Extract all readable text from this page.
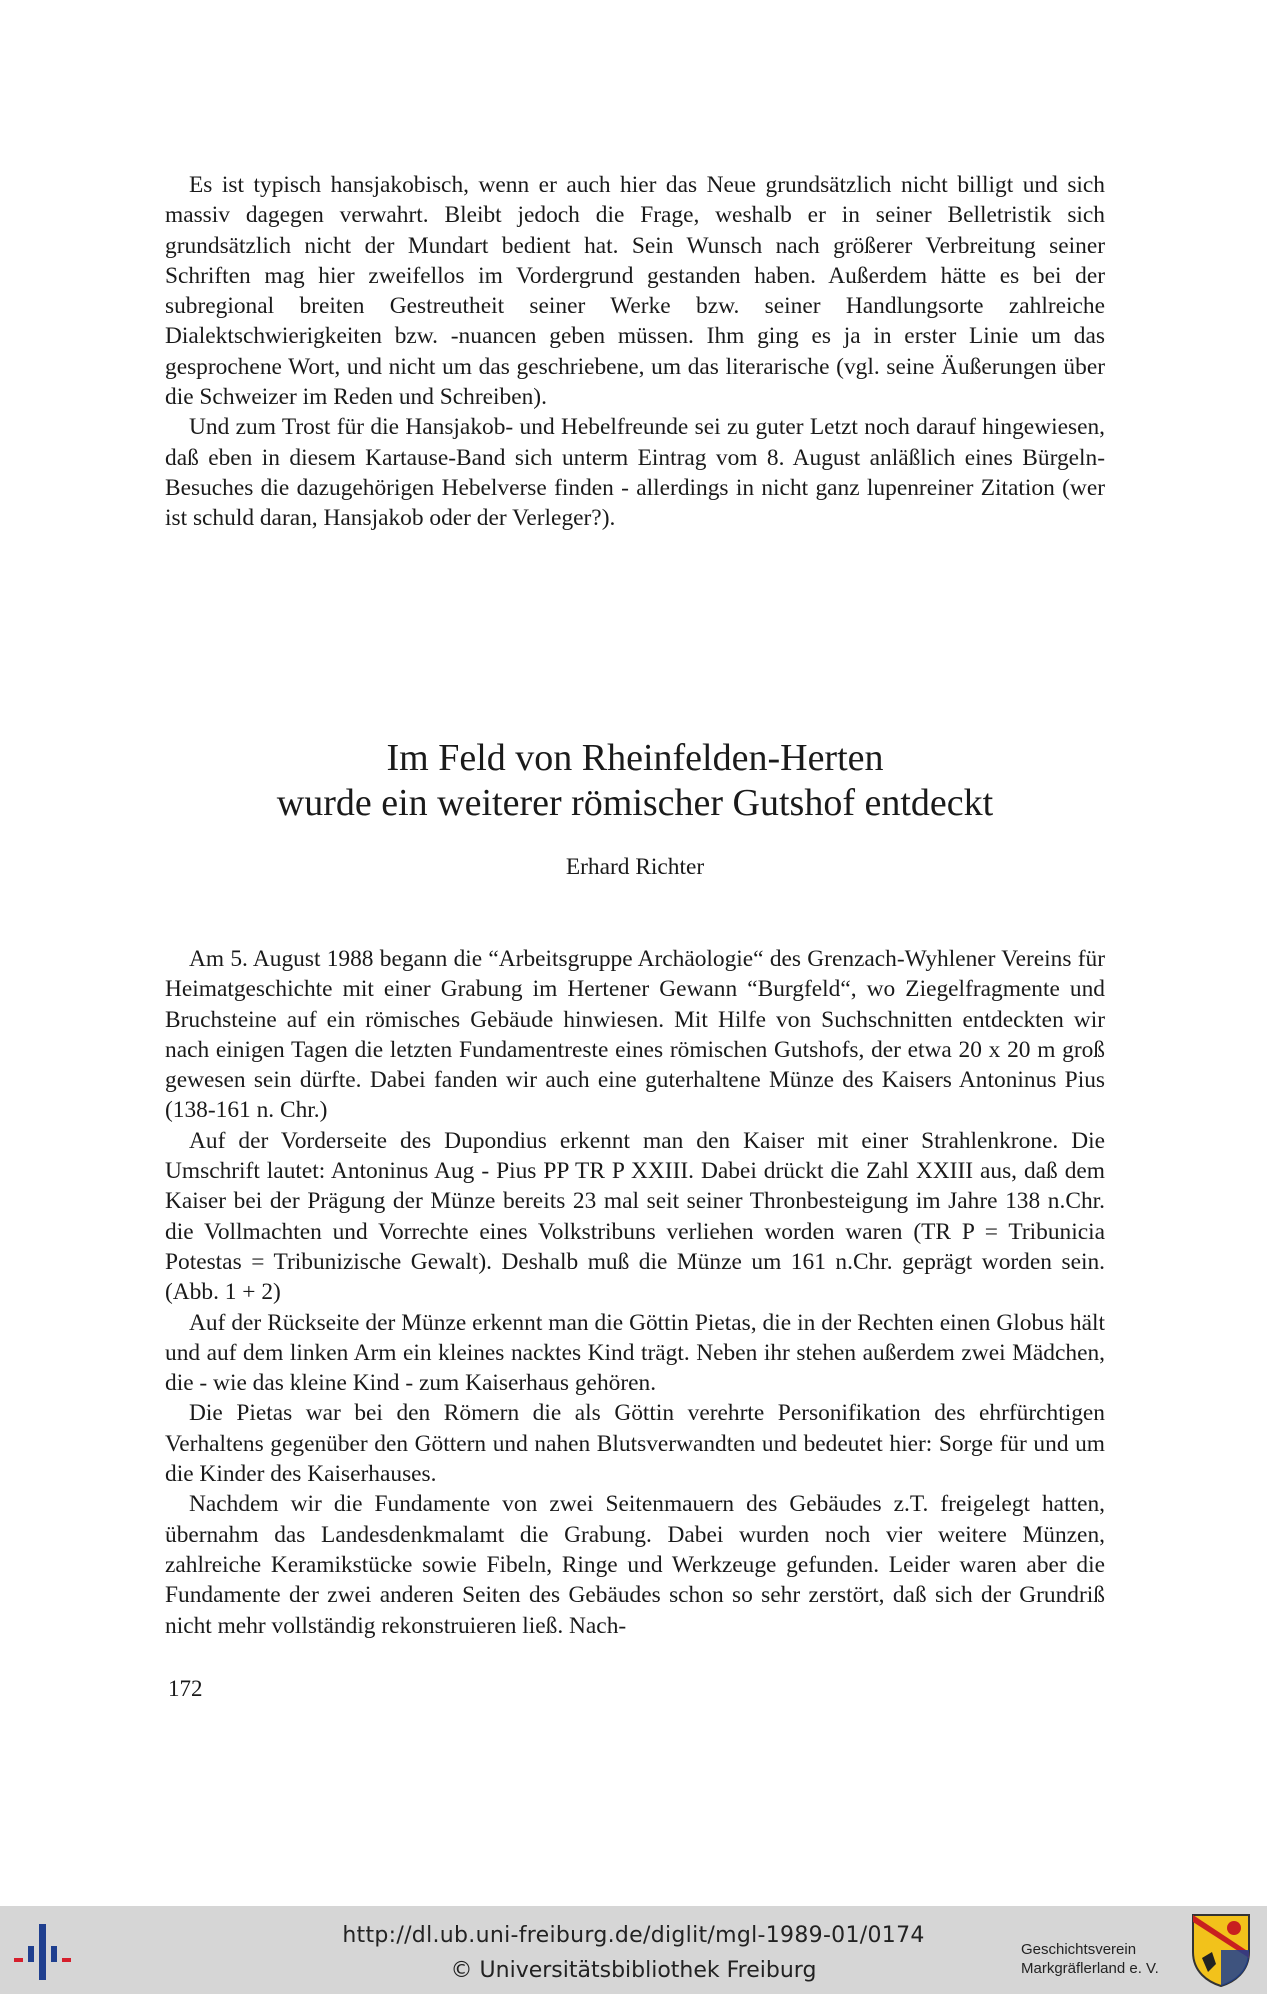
Es ist typisch hansjakobisch, wenn er auch hier das Neue grundsätzlich nicht billigt und sich massiv dagegen verwahrt. Bleibt jedoch die Frage, weshalb er in seiner Belletristik sich grundsätzlich nicht der Mundart bedient hat. Sein Wunsch nach größerer Verbreitung seiner Schriften mag hier zweifellos im Vordergrund gestanden haben. Außerdem hätte es bei der subregional breiten Gestreutheit seiner Werke bzw. seiner Handlungsorte zahlreiche Dialektschwierigkeiten bzw. -nuancen geben müssen. Ihm ging es ja in erster Linie um das gesprochene Wort, und nicht um das geschriebene, um das literarische (vgl. seine Äußerungen über die Schweizer im Reden und Schreiben).

Und zum Trost für die Hansjakob- und Hebelfreunde sei zu guter Letzt noch darauf hingewiesen, daß eben in diesem Kartause-Band sich unterm Eintrag vom 8. August anläßlich eines Bürgeln-Besuches die dazugehörigen Hebelverse finden - allerdings in nicht ganz lupenreiner Zitation (wer ist schuld daran, Hansjakob oder der Verleger?).

Im Feld von Rheinfelden-Herten
wurde ein weiterer römischer Gutshof entdeckt
Erhard Richter

Am 5. August 1988 begann die “Arbeitsgruppe Archäologie“ des Grenzach-Wyhlener Vereins für Heimatgeschichte mit einer Grabung im Hertener Gewann “Burgfeld“, wo Ziegelfragmente und Bruchsteine auf ein römisches Gebäude hinwiesen. Mit Hilfe von Suchschnitten entdeckten wir nach einigen Tagen die letzten Fundamentreste eines römischen Gutshofs, der etwa 20 x 20 m groß gewesen sein dürfte. Dabei fanden wir auch eine guterhaltene Münze des Kaisers Antoninus Pius (138-161 n. Chr.)

Auf der Vorderseite des Dupondius erkennt man den Kaiser mit einer Strahlenkrone. Die Umschrift lautet: Antoninus Aug - Pius PP TR P XXIII. Dabei drückt die Zahl XXIII aus, daß dem Kaiser bei der Prägung der Münze bereits 23 mal seit seiner Thronbesteigung im Jahre 138 n.Chr. die Vollmachten und Vorrechte eines Volkstribuns verliehen worden waren (TR P = Tribunicia Potestas = Tribunizische Gewalt). Deshalb muß die Münze um 161 n.Chr. geprägt worden sein. (Abb. 1 + 2)

Auf der Rückseite der Münze erkennt man die Göttin Pietas, die in der Rechten einen Globus hält und auf dem linken Arm ein kleines nacktes Kind trägt. Neben ihr stehen außerdem zwei Mädchen, die - wie das kleine Kind - zum Kaiserhaus gehören.

Die Pietas war bei den Römern die als Göttin verehrte Personifikation des ehrfürchtigen Verhaltens gegenüber den Göttern und nahen Blutsverwandten und bedeutet hier: Sorge für und um die Kinder des Kaiserhauses.

Nachdem wir die Fundamente von zwei Seitenmauern des Gebäudes z.T. freigelegt hatten, übernahm das Landesdenkmalamt die Grabung. Dabei wurden noch vier weitere Münzen, zahlreiche Keramikstücke sowie Fibeln, Ringe und Werkzeuge gefunden. Leider waren aber die Fundamente der zwei anderen Seiten des Gebäudes schon so sehr zerstört, daß sich der Grundriß nicht mehr vollständig rekonstruieren ließ. Nach-

172
http://dl.ub.uni-freiburg.de/diglit/mgl-1989-01/0174
© Universitätsbibliothek Freiburg
Geschichtsverein
Markgräflerland e. V.
